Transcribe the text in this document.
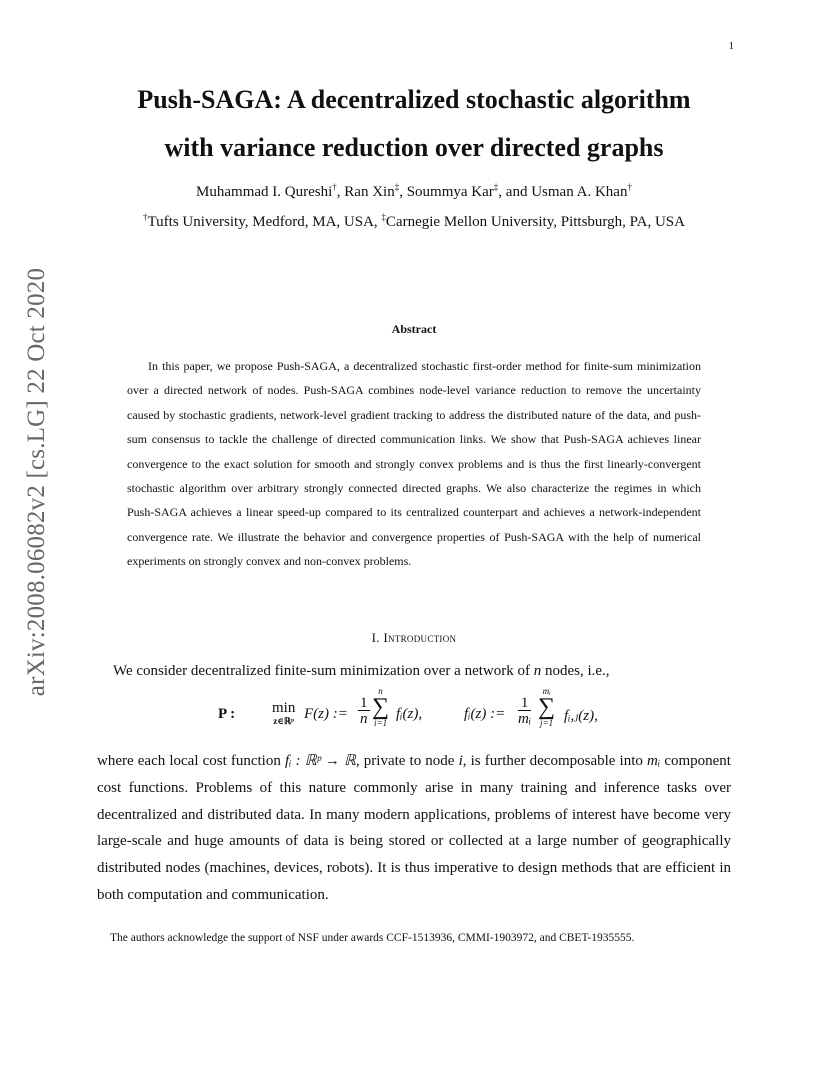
1
arXiv:2008.06082v2 [cs.LG] 22 Oct 2020
Push-SAGA: A decentralized stochastic algorithm
with variance reduction over directed graphs
Muhammad I. Qureshi†, Ran Xin‡, Soummya Kar‡, and Usman A. Khan†
†Tufts University, Medford, MA, USA, ‡Carnegie Mellon University, Pittsburgh, PA, USA
Abstract
In this paper, we propose Push-SAGA, a decentralized stochastic first-order method for finite-sum minimization over a directed network of nodes. Push-SAGA combines node-level variance reduction to remove the uncertainty caused by stochastic gradients, network-level gradient tracking to address the distributed nature of the data, and push-sum consensus to tackle the challenge of directed communication links. We show that Push-SAGA achieves linear convergence to the exact solution for smooth and strongly convex problems and is thus the first linearly-convergent stochastic algorithm over arbitrary strongly connected directed graphs. We also characterize the regimes in which Push-SAGA achieves a linear speed-up compared to its centralized counterpart and achieves a network-independent convergence rate. We illustrate the behavior and convergence properties of Push-SAGA with the help of numerical experiments on strongly convex and non-convex problems.
I. Introduction
We consider decentralized finite-sum minimization over a network of n nodes, i.e.,
P : min
z∈ℝᵖ F(z) := $\frac{1}{n}$
n
∑
i=1
fᵢ(z),	fᵢ(z) := $\frac{1}{\text{mᵢ}}$
mᵢ
∑
j=1 fᵢ,ⱼ(z),
where each local cost function fᵢ : ℝᵖ → ℝ, private to node i, is further decomposable into mᵢ component cost functions. Problems of this nature commonly arise in many training and inference tasks over decentralized and distributed data. In many modern applications, problems of interest have become very large-scale and huge amounts of data is being stored or collected at a large number of geographically distributed nodes (machines, devices, robots). It is thus imperative to design methods that are efficient in both computation and communication.
The authors acknowledge the support of NSF under awards CCF-1513936, CMMI-1903972, and CBET-1935555.
